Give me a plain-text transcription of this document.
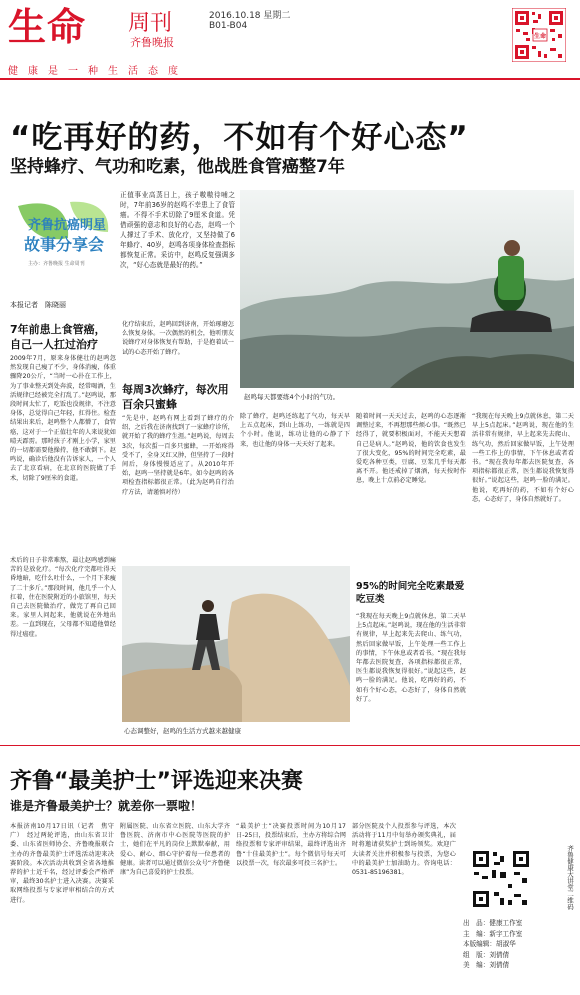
生命 周刊
齐鲁晚报
2016.10.18 星期二
B01-B04
健康是一种生活态度
生命
“吃再好的药，不如有个好心态”
坚持蜂疗、气功和吃素，他战胜食管癌整7年
齐鲁抗癌明星
故事分享会
主办：齐鲁晚报 生命周刊
正值事业高蒸日上，孩子嗷嗷待哺之时，7年前36岁的赵鸣不幸患上了食管癌。不得不手术切除了9厘米食道。凭借顽强的意志和良好的心态，赵鸣一个人撑过了手术、放化疗，又坚持做了6年蜂疗、40岁，赵鸣各项身体检查指标都恢复正常。采访中，赵鸣反复强调多次，“好心态就是最好的药。”
赵鸣每天都要练4个小时的气功。
本报记者　陈晓丽
7年前患上食管癌，自己一人扛过治疗
2009年7月，原来身体健壮的赵鸣忽然发现自己瘦了不少，身体消瘦，体重骤降20公斤，“当时一心扑在工作上，为了事业整天到处奔波，经常喝酒，生活规律已经被完全打乱了。”赵鸣说，那段时间太忙了，吃饭也没规律，不注意身体，总觉得自己年轻，扛得住。检查结果出来后，赵鸣整个人都懵了，食管癌，这对于一个正值壮年的人来说犹如晴天霹雳。那时孩子才刚上小学，家里的一切都需要他操持，他不敢倒下。赵鸣说，确诊后他没有告诉家人，一个人去了北京看病，在北京的医院做了手术，切除了9厘米的食道。
术后的日子非常难熬，最让赵鸣感到痛苦的是放化疗。“每次化疗完都吐得天昏地暗，吃什么吐什么，一个月下来瘦了二十多斤。”那段时间，他几乎一个人扛着，住在医院附近的小旅馆里，每天自己去医院做治疗，做完了再自己回来。家里人问起来，他就说在外地出差。一直到现在，父母都不知道他曾经得过癌症。
化疗结束后，赵鸣回到济南，开始琢磨怎么恢复身体。一次偶然的机会，他听朋友说蜂疗对身体恢复有帮助，于是抱着试一试的心态开始了蜂疗。
每周3次蜂疗，每次用百余只蜜蜂
“先是中，赵鸣有网上看到了蜂疗的介绍，之后我在济南找到了一家蜂疗诊所，就开始了我的蜂疗生涯。”赵鸣说，每周去3次，每次蜇一百多只蜜蜂，一开始疼得受不了，全身又红又肿，但坚持了一段时间后，身体慢慢适应了。从2010年开始，赵鸣一坚持就是6年。如今赵鸣的各项检查指标都很正常。（此为赵鸣自行治疗方法，请谨慎对待）
除了蜂疗，赵鸣还练起了气功，每天早上五点起床，到山上练功，一练就是四个小时。他说，练功让他的心静了下来，也让他的身体一天天好了起来。
心态调整好，赵鸣的生活方式越来越健康
随着时间一天天过去，赵鸣的心态逐渐调整过来，不再想那些烦心事。“既然已经得了，就要积极面对，不能天天想着自己是病人。”赵鸣说，他的饮食也发生了很大变化，95%的时间完全吃素，最爱吃各种豆类，豆腐、豆浆几乎每天都离不开。他还戒掉了烟酒，每天按时作息，晚上十点前必定睡觉。
95%的时间完全吃素最爱吃豆类
“我现在每天晚上9点就休息，第二天早上5点起床。”赵鸣说，现在他的生活非常有规律，早上起来先去爬山、练气功，然后回家做早饭，上午处理一些工作上的事情，下午休息或者看书。“现在我每年都去医院复查，各项指标都很正常，医生都说我恢复得很好。”说起这些，赵鸣一脸的满足。他说，吃再好的药，不如有个好心态，心态好了，身体自然就好了。
“我现在每天晚上9点就休息，第二天早上5点起床。”赵鸣说，现在他的生活非常有规律，早上起来先去爬山、练气功，然后回家做早饭，上午处理一些工作上的事情，下午休息或者看书。“现在我每年都去医院复查，各项指标都很正常，医生都说我恢复得很好。”说起这些，赵鸣一脸的满足。他说，吃再好的药，不如有个好心态，心态好了，身体自然就好了。
齐鲁“最美护士”评选迎来决赛
谁是齐鲁最美护士？就差你一票啦！
本报济南10月17日讯（记者　焦守广）　经过两轮评选，由山东省卫计委、山东省医师协会、齐鲁晚报联合主办的齐鲁最美护士评选活动迎来决赛阶段。本次活动共收到全省各地推荐的护士近千名，经过评委会严格评审，最终30名护士进入决赛。决赛采取网络投票与专家评审相结合的方式进行。
附属医院、山东省立医院、山东大学齐鲁医院、济南市中心医院等医院的护士，她们在平凡的岗位上默默奉献，用爱心、耐心、细心守护着每一位患者的健康。读者可以通过微信公众号“齐鲁健康”为自己喜爱的护士投票。
“最美护士”决赛投票时间为10月17日-25日，投票结束后，主办方将综合网络投票和专家评审结果，最终评选出齐鲁“十佳最美护士”。每个微信号每天可以投票一次，每次最多可投三名护士。
部分医院及个人投票参与评选，本次活动将于11月中旬举办颁奖典礼，届时将邀请获奖护士到场领奖。欢迎广大读者关注并积极参与投票，为您心中的最美护士加油助力。咨询电话：0531-85196381。	齐鲁健康大讲堂二维码
出　品：健康工作室
主　编：新宇工作室
本版编辑：胡淑华
组　版：刘倩倩
美　编：刘倩倩
